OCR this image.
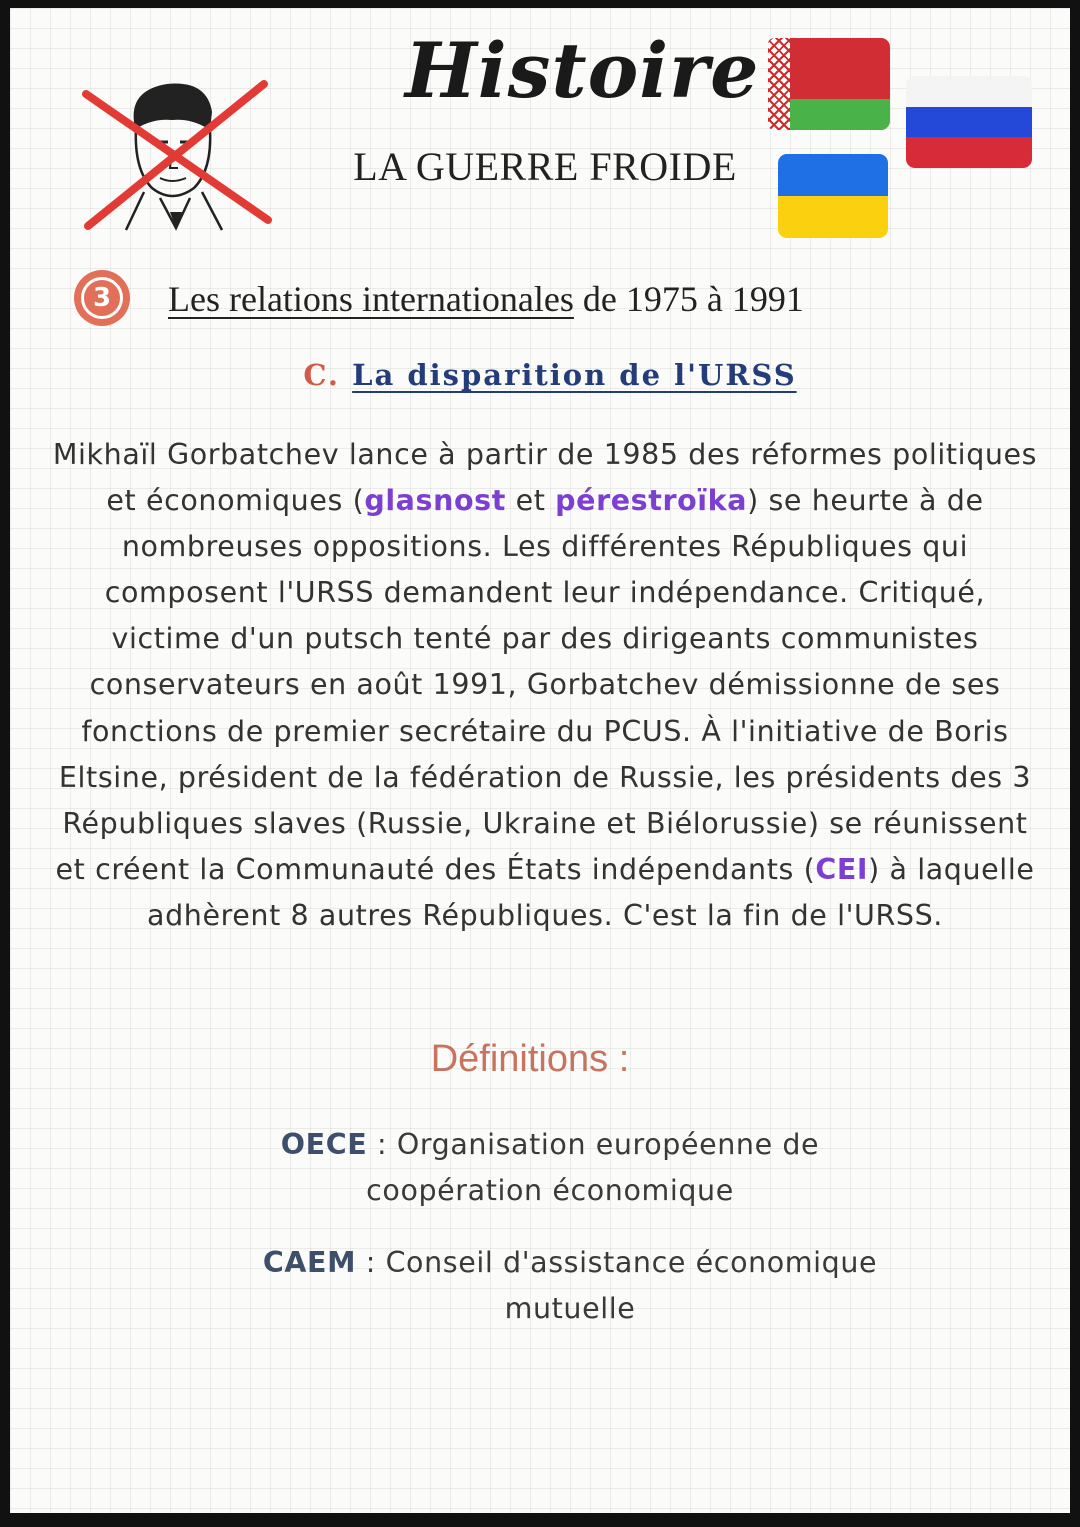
Histoire
LA GUERRE FROIDE
3	Les relations internationales de 1975 à 1991
C. La disparition de l'URSS
Mikhaïl Gorbatchev lance à partir de 1985 des réformes politiques et économiques (glasnost et pérestroïka) se heurte à de nombreuses oppositions. Les différentes Républiques qui composent l'URSS demandent leur indépendance. Critiqué, victime d'un putsch tenté par des dirigeants communistes conservateurs en août 1991, Gorbatchev démissionne de ses fonctions de premier secrétaire du PCUS. À l'initiative de Boris Eltsine, président de la fédération de Russie, les présidents des 3 Républiques slaves (Russie, Ukraine et Biélorussie) se réunissent et créent la Communauté des États indépendants (CEI) à laquelle adhèrent 8 autres Républiques. C'est la fin de l'URSS.
Définitions :
OECE : Organisation européenne de coopération économique
CAEM : Conseil d'assistance économique mutuelle
